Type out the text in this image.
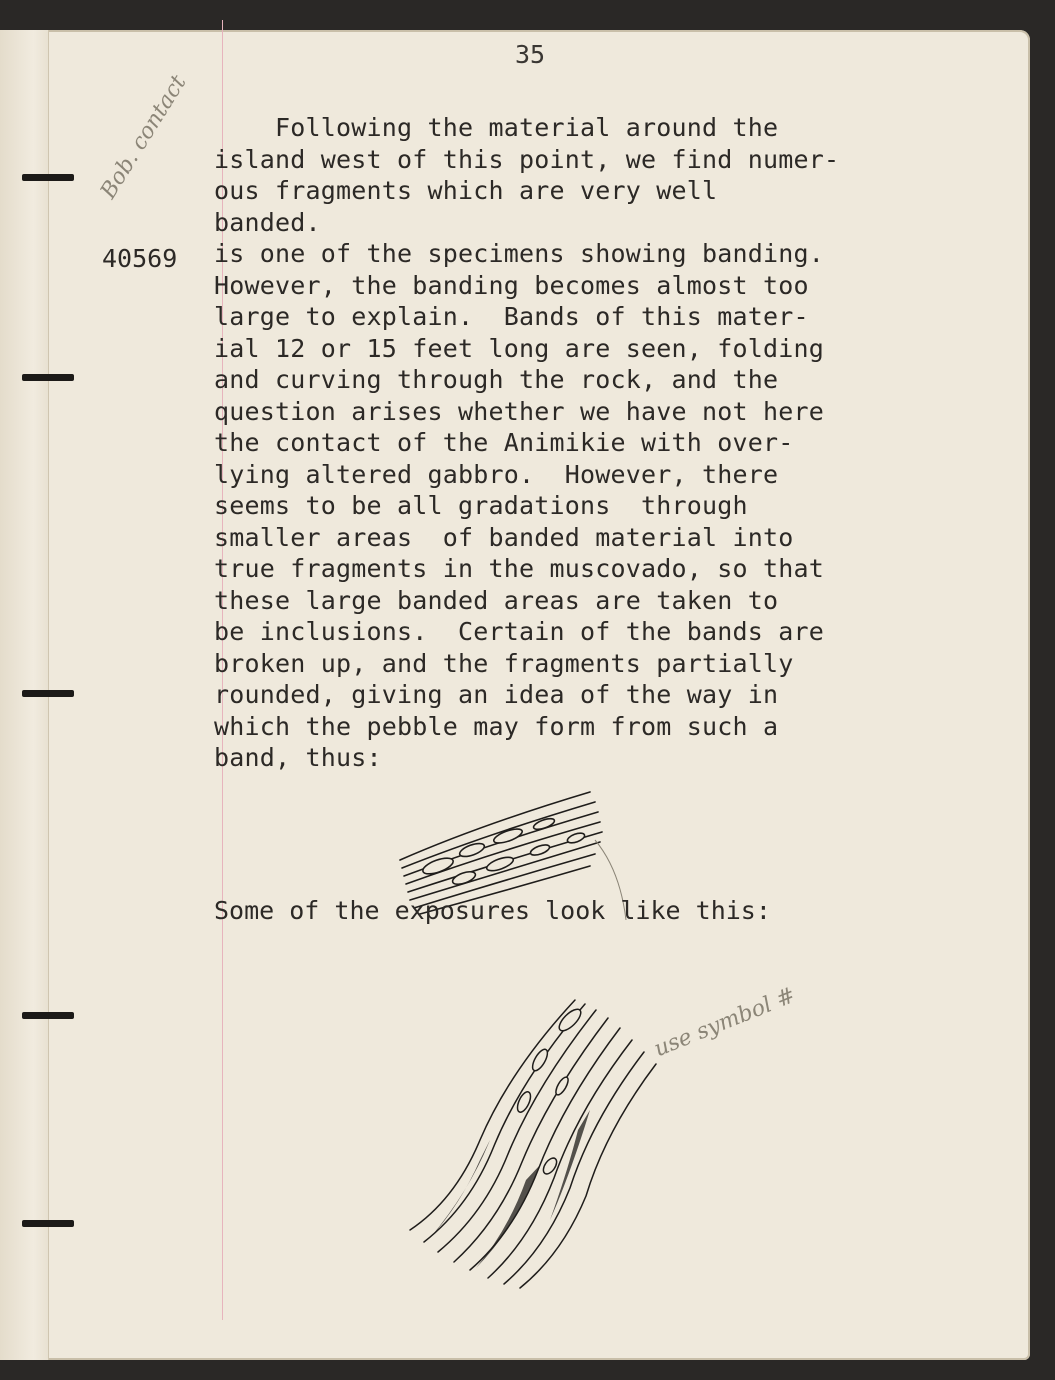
35
40569
Following the material around the
island west of this point, we find numer-
ous fragments which are very well
banded.
is one of the specimens showing banding.
However, the banding becomes almost too
large to explain.  Bands of this mater-
ial 12 or 15 feet long are seen, folding
and curving through the rock, and the
question arises whether we have not here
the contact of the Animikie with over-
lying altered gabbro.  However, there
seems to be all gradations  through
smaller areas  of banded material into
true fragments in the muscovado, so that
these large banded areas are taken to
be inclusions.  Certain of the bands are
broken up, and the fragments partially
rounded, giving an idea of the way in
which the pebble may form from such a
band, thus:
Bob. contact
Some of the exposures look like this:
use symbol #
